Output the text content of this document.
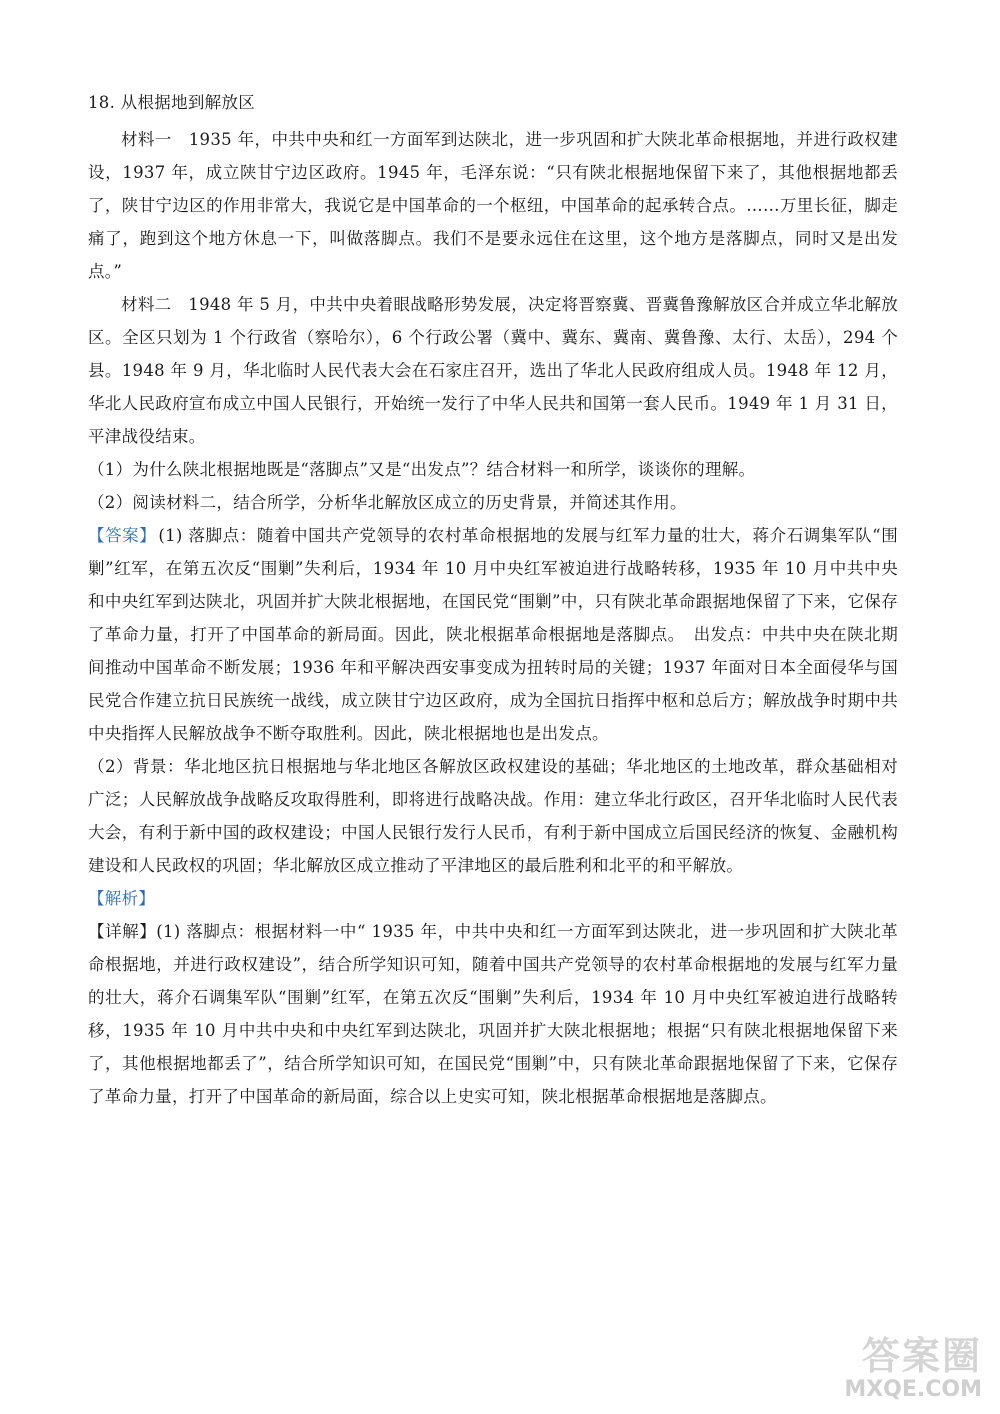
18. 从根据地到解放区

材料一　1935 年，中共中央和红一方面军到达陕北，进一步巩固和扩大陕北革命根据地，并进行政权建设，1937 年，成立陕甘宁边区政府。1945 年，毛泽东说：“只有陕北根据地保留下来了，其他根据地都丢了，陕甘宁边区的作用非常大，我说它是中国革命的一个枢纽，中国革命的起承转合点。……万里长征，脚走痛了，跑到这个地方休息一下，叫做落脚点。我们不是要永远住在这里，这个地方是落脚点，同时又是出发点。”

材料二　1948 年 5 月，中共中央着眼战略形势发展，决定将晋察冀、晋冀鲁豫解放区合并成立华北解放区。全区只划为 1 个行政省（察哈尔），6 个行政公署（冀中、冀东、冀南、冀鲁豫、太行、太岳），294 个县。1948 年 9 月，华北临时人民代表大会在石家庄召开，选出了华北人民政府组成人员。1948 年 12 月，华北人民政府宣布成立中国人民银行，开始统一发行了中华人民共和国第一套人民币。1949 年 1 月 31 日，平津战役结束。

（1）为什么陕北根据地既是“落脚点”又是“出发点”？结合材料一和所学，谈谈你的理解。

（2）阅读材料二，结合所学，分析华北解放区成立的历史背景，并简述其作用。

【答案】 (1) 落脚点：随着中国共产党领导的农村革命根据地的发展与红军力量的壮大，蒋介石调集军队“围剿”红军，在第五次反“围剿”失利后，1934 年 10 月中央红军被迫进行战略转移，1935 年 10 月中共中央和中央红军到达陕北，巩固并扩大陕北根据地，在国民党“围剿”中，只有陕北革命跟据地保留了下来，它保存了革命力量，打开了中国革命的新局面。因此，陕北根据革命根据地是落脚点。　出发点：中共中央在陕北期间推动中国革命不断发展；1936 年和平解决西安事变成为扭转时局的关键；1937 年面对日本全面侵华与国民党合作建立抗日民族统一战线，成立陕甘宁边区政府，成为全国抗日指挥中枢和总后方；解放战争时期中共中央指挥人民解放战争不断夺取胜利。因此，陕北根据地也是出发点。

（2）背景：华北地区抗日根据地与华北地区各解放区政权建设的基础；华北地区的土地改革，群众基础相对广泛；人民解放战争战略反攻取得胜利，即将进行战略决战。作用：建立华北行政区，召开华北临时人民代表大会，有利于新中国的政权建设；中国人民银行发行人民币，有利于新中国成立后国民经济的恢复、金融机构建设和人民政权的巩固；华北解放区成立推动了平津地区的最后胜利和北平的和平解放。

【解析】

【详解】(1) 落脚点：根据材料一中“ 1935 年，中共中央和红一方面军到达陕北，进一步巩固和扩大陕北革命根据地，并进行政权建设”，结合所学知识可知，随着中国共产党领导的农村革命根据地的发展与红军力量的壮大，蒋介石调集军队“围剿”红军，在第五次反“围剿”失利后，1934 年 10 月中央红军被迫进行战略转移，1935 年 10 月中共中央和中央红军到达陕北，巩固并扩大陕北根据地；根据“只有陕北根据地保留下来了，其他根据地都丢了”，结合所学知识可知，在国民党“围剿”中，只有陕北革命跟据地保留了下来，它保存了革命力量，打开了中国革命的新局面，综合以上史实可知，陕北根据革命根据地是落脚点。

答案圈
MXQE.COM
